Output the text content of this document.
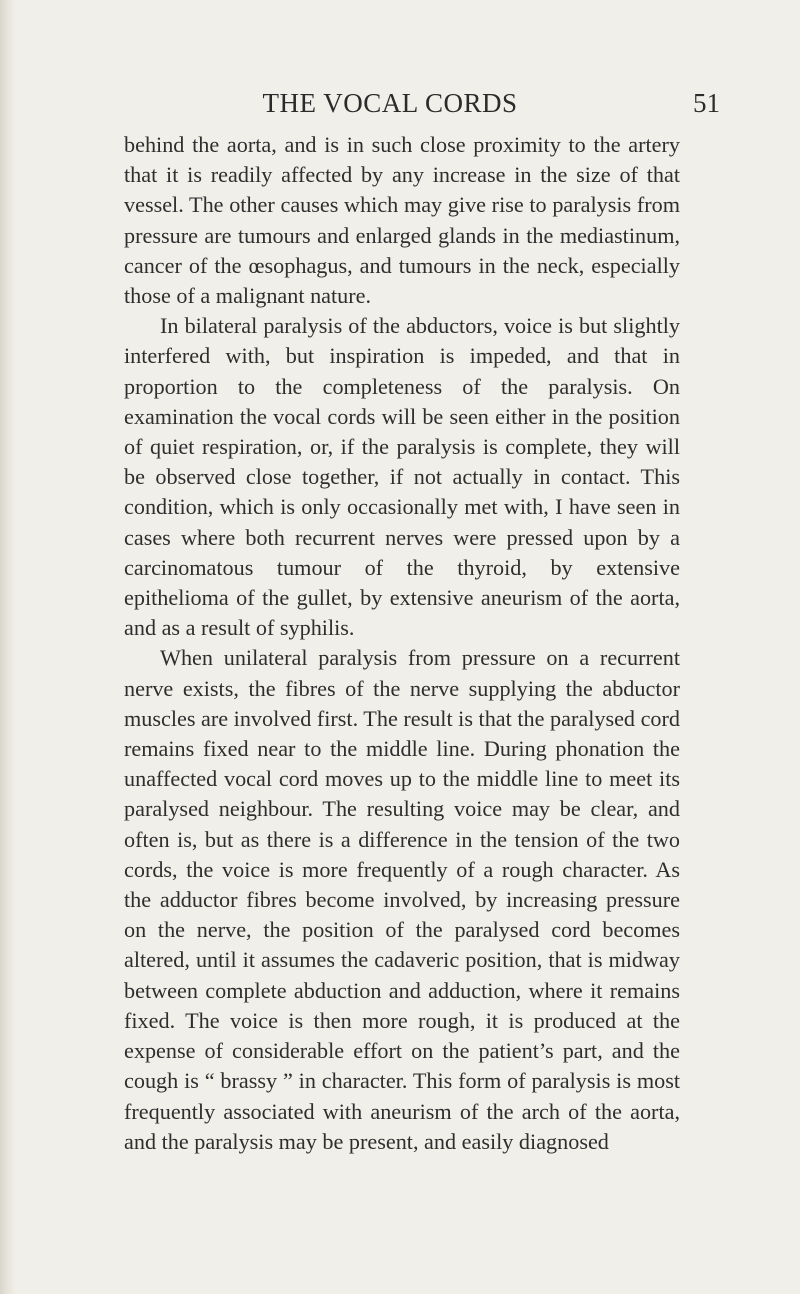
THE VOCAL CORDS	51

behind the aorta, and is in such close proximity to the artery that it is readily affected by any increase in the size of that vessel. The other causes which may give rise to paralysis from pressure are tumours and enlarged glands in the mediastinum, cancer of the œsophagus, and tumours in the neck, especially those of a malignant nature.

In bilateral paralysis of the abductors, voice is but slightly interfered with, but inspiration is impeded, and that in proportion to the completeness of the paralysis. On examination the vocal cords will be seen either in the position of quiet respiration, or, if the paralysis is complete, they will be observed close together, if not actually in contact. This condition, which is only occasionally met with, I have seen in cases where both recurrent nerves were pressed upon by a carcinomatous tumour of the thyroid, by extensive epithelioma of the gullet, by extensive aneurism of the aorta, and as a result of syphilis.

When unilateral paralysis from pressure on a recurrent nerve exists, the fibres of the nerve supplying the abductor muscles are involved first. The result is that the paralysed cord remains fixed near to the middle line. During phonation the unaffected vocal cord moves up to the middle line to meet its paralysed neighbour. The resulting voice may be clear, and often is, but as there is a difference in the tension of the two cords, the voice is more frequently of a rough character. As the adductor fibres become involved, by increasing pressure on the nerve, the position of the paralysed cord becomes altered, until it assumes the cadaveric position, that is midway between complete abduction and adduction, where it remains fixed. The voice is then more rough, it is produced at the expense of considerable effort on the patient’s part, and the cough is “ brassy ” in character. This form of paralysis is most frequently associated with aneurism of the arch of the aorta, and the paralysis may be present, and easily diagnosed
